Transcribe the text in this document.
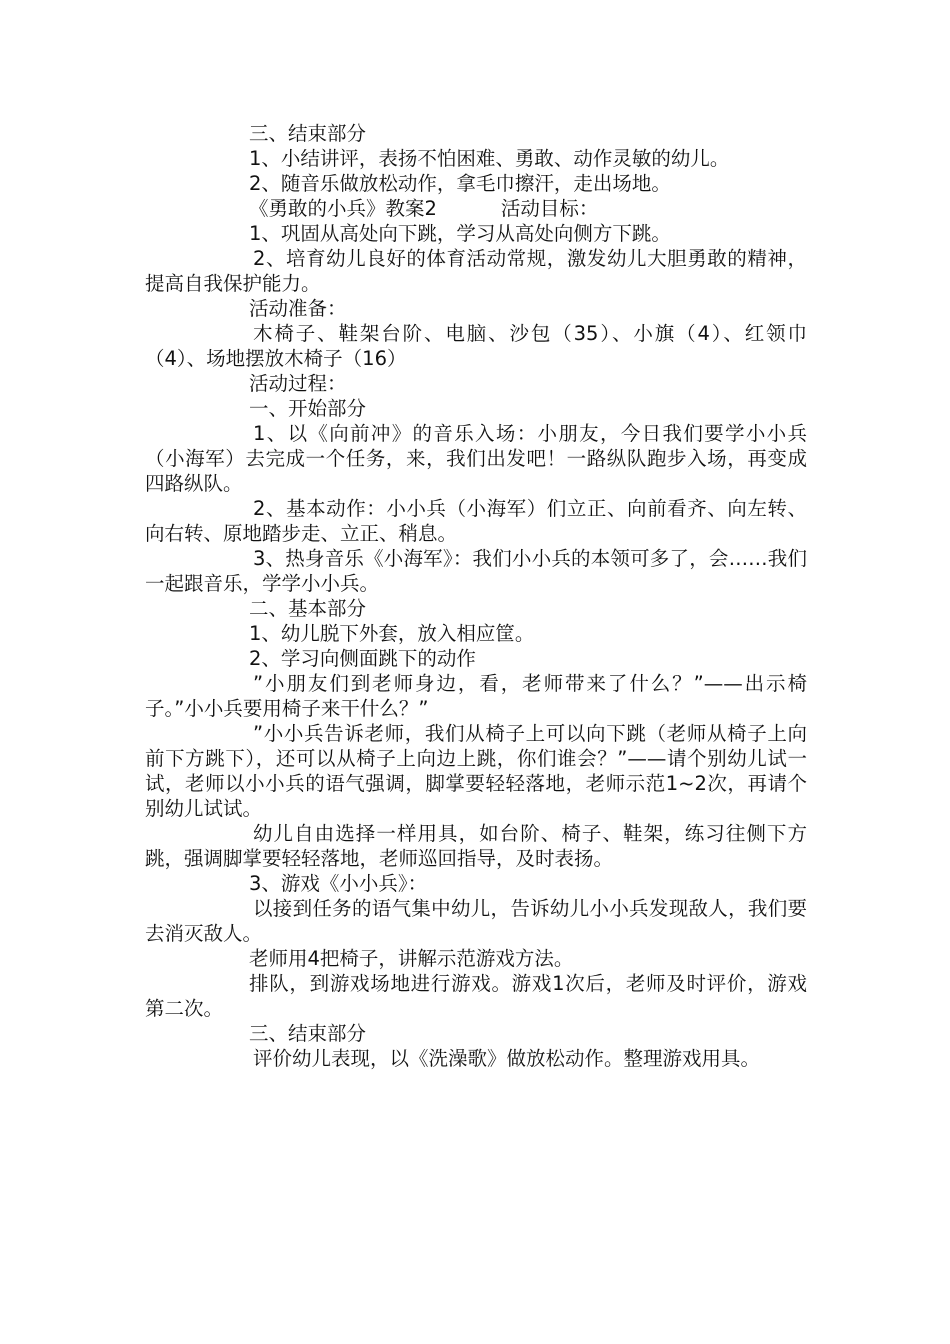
三、结束部分

1、小结讲评，表扬不怕困难、勇敢、动作灵敏的幼儿。

2、随音乐做放松动作，拿毛巾擦汗，走出场地。

《勇敢的小兵》教案2	活动目标：

1、巩固从高处向下跳，学习从高处向侧方下跳。

2、培育幼儿良好的体育活动常规，激发幼儿大胆勇敢的精神，提高自我保护能力。

活动准备：

木椅子、鞋架台阶、电脑、沙包（35）、小旗（4）、红领巾（4）、场地摆放木椅子（16）

活动过程：

一、开始部分

1、以《向前冲》的音乐入场：小朋友，今日我们要学小小兵（小海军）去完成一个任务，来，我们出发吧！一路纵队跑步入场，再变成四路纵队。

2、基本动作：小小兵（小海军）们立正、向前看齐、向左转、向右转、原地踏步走、立正、稍息。

3、热身音乐《小海军》：我们小小兵的本领可多了，会……我们一起跟音乐，学学小小兵。

二、基本部分

1、幼儿脱下外套，放入相应筐。

2、学习向侧面跳下的动作

”小朋友们到老师身边，看，老师带来了什么？”——出示椅子。”小小兵要用椅子来干什么？”

”小小兵告诉老师，我们从椅子上可以向下跳（老师从椅子上向前下方跳下），还可以从椅子上向边上跳，你们谁会？”——请个别幼儿试一试，老师以小小兵的语气强调，脚掌要轻轻落地，老师示范1~2次，再请个别幼儿试试。

幼儿自由选择一样用具，如台阶、椅子、鞋架，练习往侧下方跳，强调脚掌要轻轻落地，老师巡回指导，及时表扬。

3、游戏《小小兵》：

以接到任务的语气集中幼儿，告诉幼儿小小兵发现敌人，我们要去消灭敌人。

老师用4把椅子，讲解示范游戏方法。

排队，到游戏场地进行游戏。游戏1次后，老师及时评价，游戏第二次。

三、结束部分

评价幼儿表现，以《洗澡歌》做放松动作。整理游戏用具。
